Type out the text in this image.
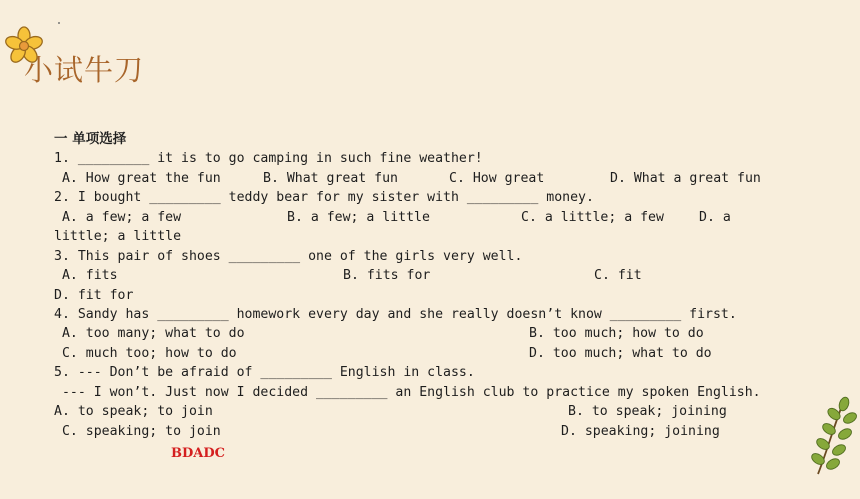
小试牛刀
一 单项选择
1. _________ it is to go camping in such fine weather!

A. How great the fun

	B. What great fun

	C. How great

	D. What a great fun

2. I bought _________ teddy bear for my sister with _________ money.

A. a few; a few

	B. a few; a little

	C. a little; a few

	D. a

little; a little
3. This pair of shoes _________ one of the girls very well.

A. fits

	B. fits for

	C. fit

D. fit for
4. Sandy has _________ homework every day and she really doesn’t know _________ first.

A. too many; what to do

	B. too much; how to do

C. much too; how to do

	D. too much; what to do

5. --- Don’t be afraid of _________ English in class.
--- I won’t. Just now I decided _________ an English club to practice my spoken English.

A. to speak; to join

	B. to speak; joining

C. speaking; to join

	D. speaking; joining

BDADC
